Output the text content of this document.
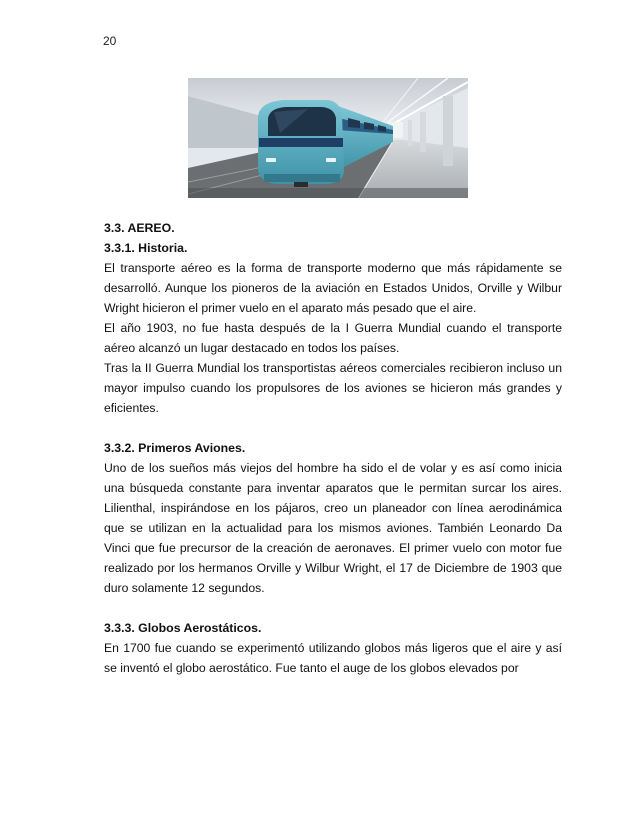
20

3.3. AEREO.

3.3.1. Historia.

El transporte aéreo es la forma de transporte moderno que más rápidamente se desarrolló. Aunque los pioneros de la aviación en Estados Unidos, Orville y Wilbur Wright hicieron el primer vuelo en el aparato más pesado que el aire.

El año 1903, no fue hasta después de la I Guerra Mundial cuando el transporte aéreo alcanzó un lugar destacado en todos los países.

Tras la II Guerra Mundial los transportistas aéreos comerciales recibieron incluso un mayor impulso cuando los propulsores de los aviones se hicieron más grandes y eficientes.

3.3.2. Primeros Aviones.

Uno de los sueños más viejos del hombre ha sido el de volar y es así como inicia una búsqueda constante para inventar aparatos que le permitan surcar los aires. Lilienthal, inspirándose en los pájaros, creo un planeador con línea aerodinámica que se utilizan en la actualidad para los mismos aviones. También Leonardo Da Vinci que fue precursor de la creación de aeronaves. El primer vuelo con motor fue realizado por los hermanos Orville y Wilbur Wright, el 17 de Diciembre de 1903 que duro solamente 12 segundos.

3.3.3. Globos Aerostáticos.

En 1700 fue cuando se experimentó utilizando globos más ligeros que el aire y así se inventó el globo aerostático. Fue tanto el auge de los globos elevados por
